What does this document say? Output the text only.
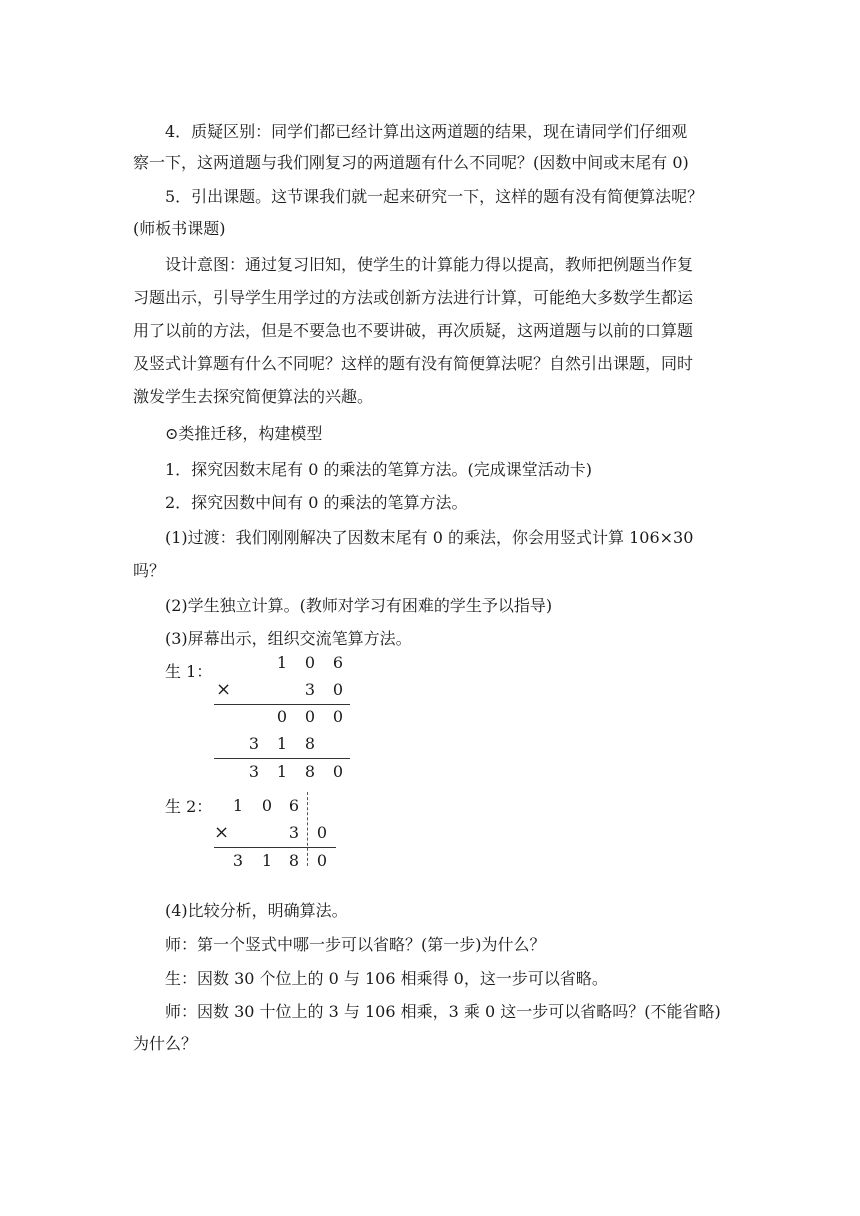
4．质疑区别：同学们都已经计算出这两道题的结果，现在请同学们仔细观
察一下，这两道题与我们刚复习的两道题有什么不同呢？(因数中间或末尾有 0)
5．引出课题。这节课我们就一起来研究一下，这样的题有没有简便算法呢？
(师板书课题)
设计意图：通过复习旧知，使学生的计算能力得以提高，教师把例题当作复
习题出示，引导学生用学过的方法或创新方法进行计算，可能绝大多数学生都运
用了以前的方法，但是不要急也不要讲破，再次质疑，这两道题与以前的口算题
及竖式计算题有什么不同呢？这样的题有没有简便算法呢？自然引出课题，同时
激发学生去探究简便算法的兴趣。
⊙类推迁移，构建模型
1．探究因数末尾有 0 的乘法的笔算方法。(完成课堂活动卡)
2．探究因数中间有 0 的乘法的笔算方法。
(1)过渡：我们刚刚解决了因数末尾有 0 的乘法，你会用竖式计算 106×30
吗？
(2)学生独立计算。(教师对学习有困难的学生予以指导)
(3)屏幕出示，组织交流笔算方法。
生 1：	1	0	6
×	3	0
0	0	0
3	1	8
3	1	8	0
生 2：	1	0	6
×	3	0
3	1	8	0
(4)比较分析，明确算法。
师：第一个竖式中哪一步可以省略？(第一步)为什么？
生：因数 30 个位上的 0 与 106 相乘得 0，这一步可以省略。
师：因数 30 十位上的 3 与 106 相乘，3 乘 0 这一步可以省略吗？(不能省略)
为什么？
